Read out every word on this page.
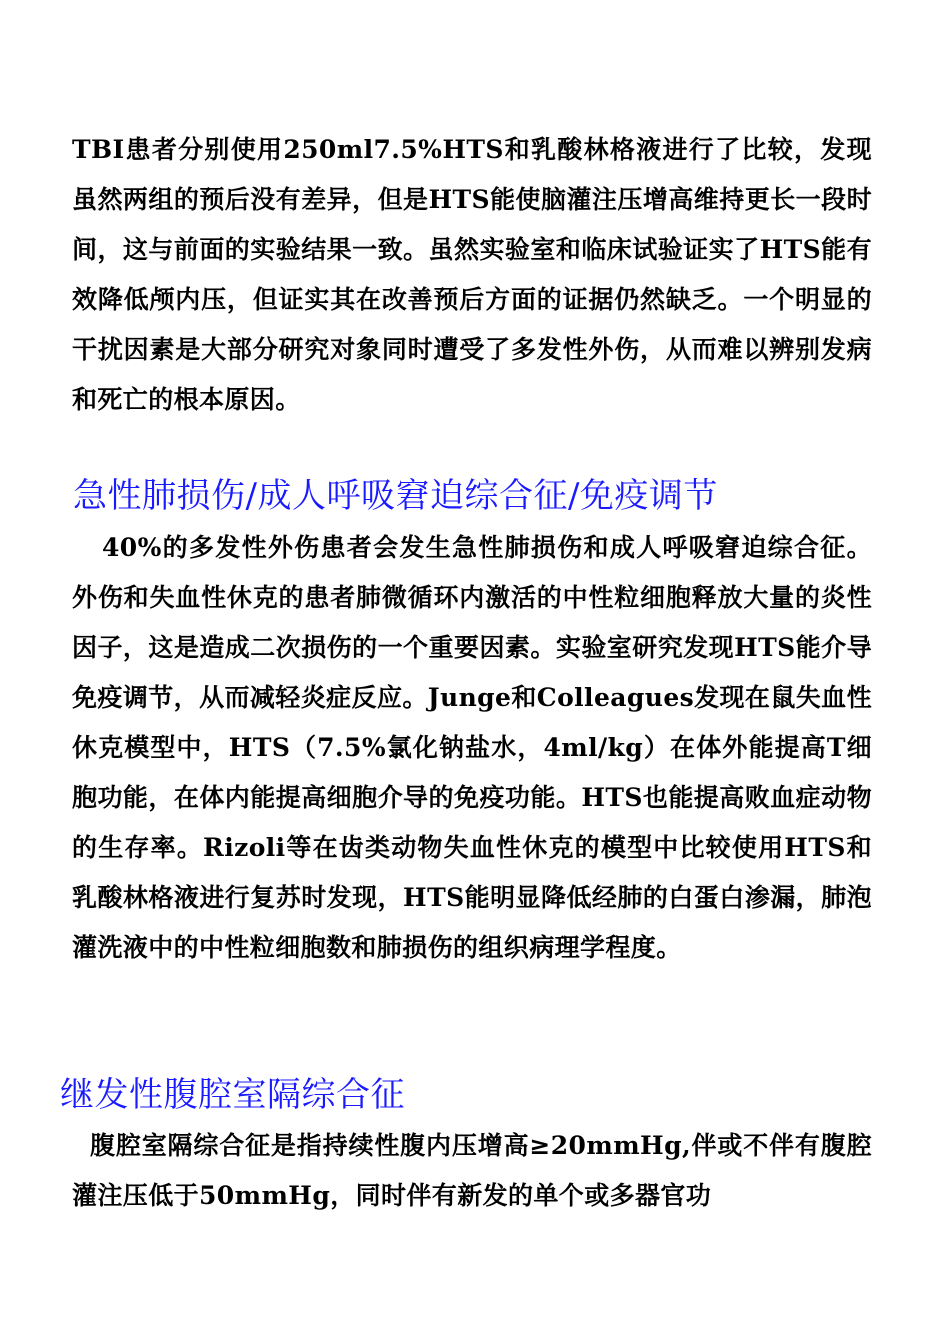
TBI患者分别使用250ml7.5%HTS和乳酸林格液进行了比较，发现虽然两组的预后没有差异，但是HTS能使脑灌注压增高维持更长一段时间，这与前面的实验结果一致。虽然实验室和临床试验证实了HTS能有效降低颅内压，但证实其在改善预后方面的证据仍然缺乏。一个明显的干扰因素是大部分研究对象同时遭受了多发性外伤，从而难以辨别发病和死亡的根本原因。

急性肺损伤/成人呼吸窘迫综合征/免疫调节

40%的多发性外伤患者会发生急性肺损伤和成人呼吸窘迫综合征。外伤和失血性休克的患者肺微循环内激活的中性粒细胞释放大量的炎性因子，这是造成二次损伤的一个重要因素。实验室研究发现HTS能介导免疫调节，从而减轻炎症反应。Junge和Colleagues发现在鼠失血性休克模型中，HTS（7.5%氯化钠盐水，4ml/kg）在体外能提高T细胞功能，在体内能提高细胞介导的免疫功能。HTS也能提高败血症动物的生存率。Rizoli等在齿类动物失血性休克的模型中比较使用HTS和乳酸林格液进行复苏时发现，HTS能明显降低经肺的白蛋白渗漏，肺泡灌洗液中的中性粒细胞数和肺损伤的组织病理学程度。

继发性腹腔室隔综合征

腹腔室隔综合征是指持续性腹内压增高≥20mmHg,伴或不伴有腹腔灌注压低于50mmHg，同时伴有新发的单个或多器官功
